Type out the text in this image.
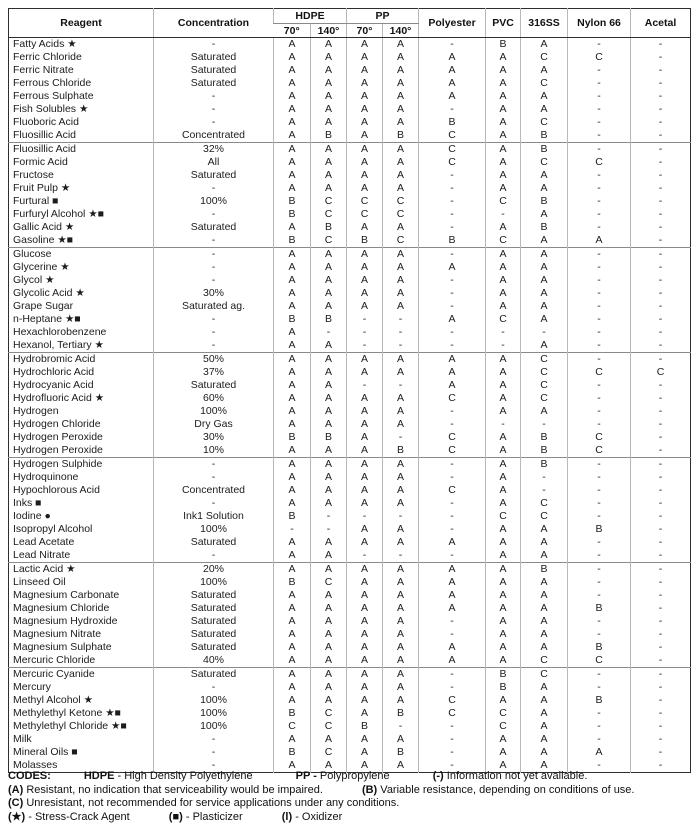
Reagent	Concentration	HDPE		PP		Polyester	PVC	316SS	Nylon 66	Acetal
		70°	140°	70°	140°					
Fatty Acids ★	-	A	A	A	A	-	B	A	-	-
Ferric Chloride	Saturated	A	A	A	A	A	A	C	C	-
Ferric Nitrate	Saturated	A	A	A	A	A	A	A	-	-
Ferrous Chloride	Saturated	A	A	A	A	A	A	C	-	-
Ferrous Sulphate	-	A	A	A	A	A	A	A	-	-
Fish Solubles ★	-	A	A	A	A	-	A	A	-	-
Fluoboric Acid	-	A	A	A	A	B	A	C	-	-
Fluosillic Acid	Concentrated	A	B	A	B	C	A	B	-	-
Fluosillic Acid	32%	A	A	A	A	C	A	B	-	-
Formic Acid	All	A	A	A	A	C	A	C	C	-
Fructose	Saturated	A	A	A	A	-	A	A	-	-
Fruit Pulp ★	-	A	A	A	A	-	A	A	-	-
Furtural ■	100%	B	C	C	C	-	C	B	-	-
Furfuryl Alcohol ★■	-	B	C	C	C	-	-	A	-	-
Gallic Acid ★	Saturated	A	B	A	A	-	A	B	-	-
Gasoline ★■	-	B	C	B	C	B	C	A	A	-
Glucose	-	A	A	A	A	-	A	A	-	-
Glycerine ★	-	A	A	A	A	A	A	A	-	-
Glycol ★	-	A	A	A	A	-	A	A	-	-
Glycolic Acid ★	30%	A	A	A	A	-	A	A	-	-
Grape Sugar	Saturated ag.	A	A	A	A	-	A	A	-	-
n-Heptane ★■	-	B	B	-	-	A	C	A	-	-
Hexachlorobenzene	-	A	-	-	-	-	-	-	-	-
Hexanol, Tertiary ★	-	A	A	-	-	-	-	A	-	-
Hydrobromic Acid	50%	A	A	A	A	A	A	C	-	-
Hydrochloric Acid	37%	A	A	A	A	A	A	C	C	C
Hydrocyanic Acid	Saturated	A	A	-	-	A	A	C	-	-
Hydrofluoric Acid ★	60%	A	A	A	A	C	A	C	-	-
Hydrogen	100%	A	A	A	A	-	A	A	-	-
Hydrogen Chloride	Dry Gas	A	A	A	A	-	-	-	-	-
Hydrogen Peroxide	30%	B	B	A	-	C	A	B	C	-
Hydrogen Peroxide	10%	A	A	A	B	C	A	B	C	-
Hydrogen Sulphide	-	A	A	A	A	-	A	B	-	-
Hydroquinone	-	A	A	A	A	-	A	-	-	-
Hypochlorous Acid	Concentrated	A	A	A	A	C	A	-	-	-
Inks ■	-	A	A	A	A	-	A	C	-	-
Iodine ●	Ink1 Solution	B	-	-	-	-	C	C	-	-
Isopropyl Alcohol	100%	-	-	A	A	-	A	A	B	-
Lead Acetate	Saturated	A	A	A	A	A	A	A	-	-
Lead Nitrate	-	A	A	-	-	-	A	A	-	-
Lactic Acid ★	20%	A	A	A	A	A	A	B	-	-
Linseed Oil	100%	B	C	A	A	A	A	A	-	-
Magnesium Carbonate	Saturated	A	A	A	A	A	A	A	-	-
Magnesium Chloride	Saturated	A	A	A	A	A	A	A	B	-
Magnesium Hydroxide	Saturated	A	A	A	A	-	A	A	-	-
Magnesium Nitrate	Saturated	A	A	A	A	-	A	A	-	-
Magnesium Sulphate	Saturated	A	A	A	A	A	A	A	B	-
Mercuric Chloride	40%	A	A	A	A	A	A	C	C	-
Mercuric Cyanide	Saturated	A	A	A	A	-	B	C	-	-
Mercury	-	A	A	A	A	-	B	A	-	-
Methyl Alcohol ★	100%	A	A	A	A	C	A	A	B	-
Methylethyl Ketone ★■	100%	B	C	A	B	C	C	A	-	-
Methylethyl Chloride ★■	100%	C	C	B	-	-	C	A	-	-
Milk	-	A	A	A	A	-	A	A	-	-
Mineral Oils ■	-	B	C	A	B	-	A	A	A	-
Molasses	-	A	A	A	A	-	A	A	-	-
CODES:	HDPE - High Density Polyethylene	PP - Polypropylene	(-) Information not yet available.
(A) Resistant, no indication that serviceability would be impaired.	(B) Variable resistance, depending on conditions of use.
(C) Unresistant, not recommended for service applications under any conditions.
(★) - Stress-Crack Agent	(■) - Plasticizer	(l) - Oxidizer
